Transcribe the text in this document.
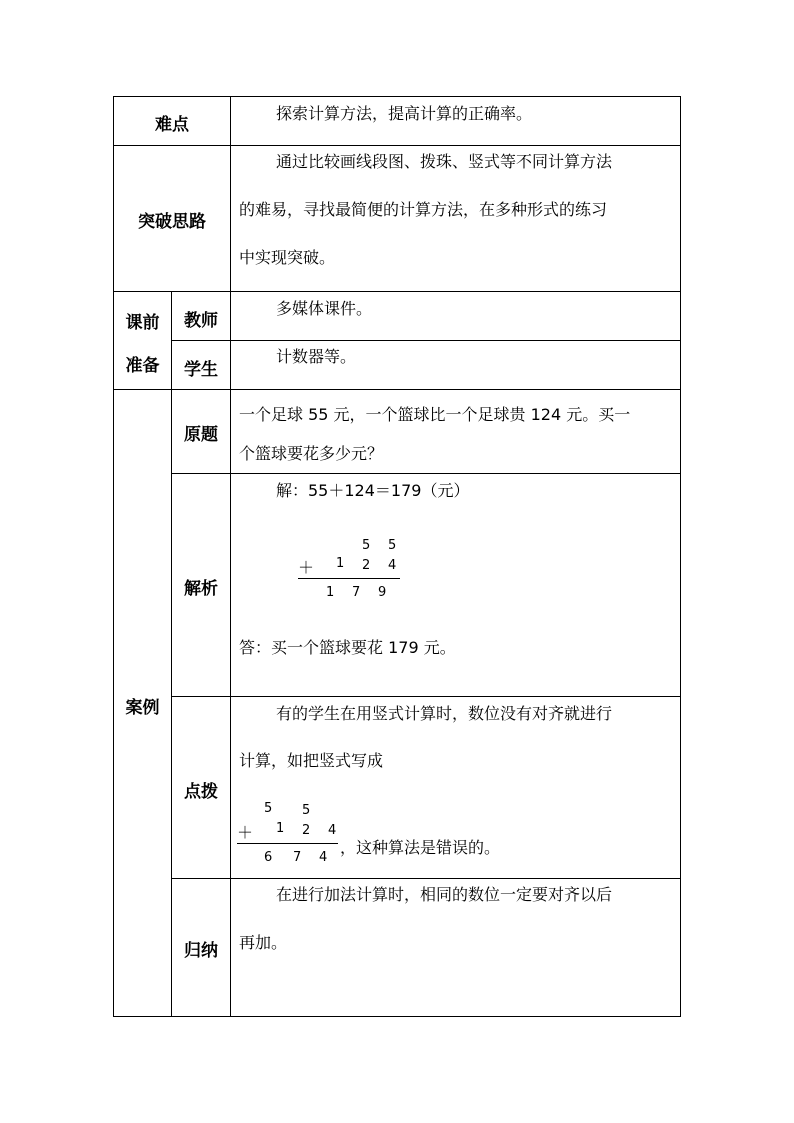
难点
探索计算方法，提高计算的正确率。
突破思路
通过比较画线段图、拨珠、竖式等不同计算方法
的难易，寻找最简便的计算方法，在多种形式的练习
中实现突破。
课前
准备
教师
多媒体课件。
学生
计数器等。
案例
原题
一个足球 55 元，一个篮球比一个足球贵 124 元。买一
个篮球要花多少元？
解析
解：55＋124＝179（元）
5 5
＋ 1 2 4
1 7 9
答：买一个篮球要花 179 元。
点拨
有的学生在用竖式计算时，数位没有对齐就进行
计算，如把竖式写成
5 5
＋ 1 2 4
6 7 4
，这种算法是错误的。
归纳
在进行加法计算时，相同的数位一定要对齐以后
再加。
